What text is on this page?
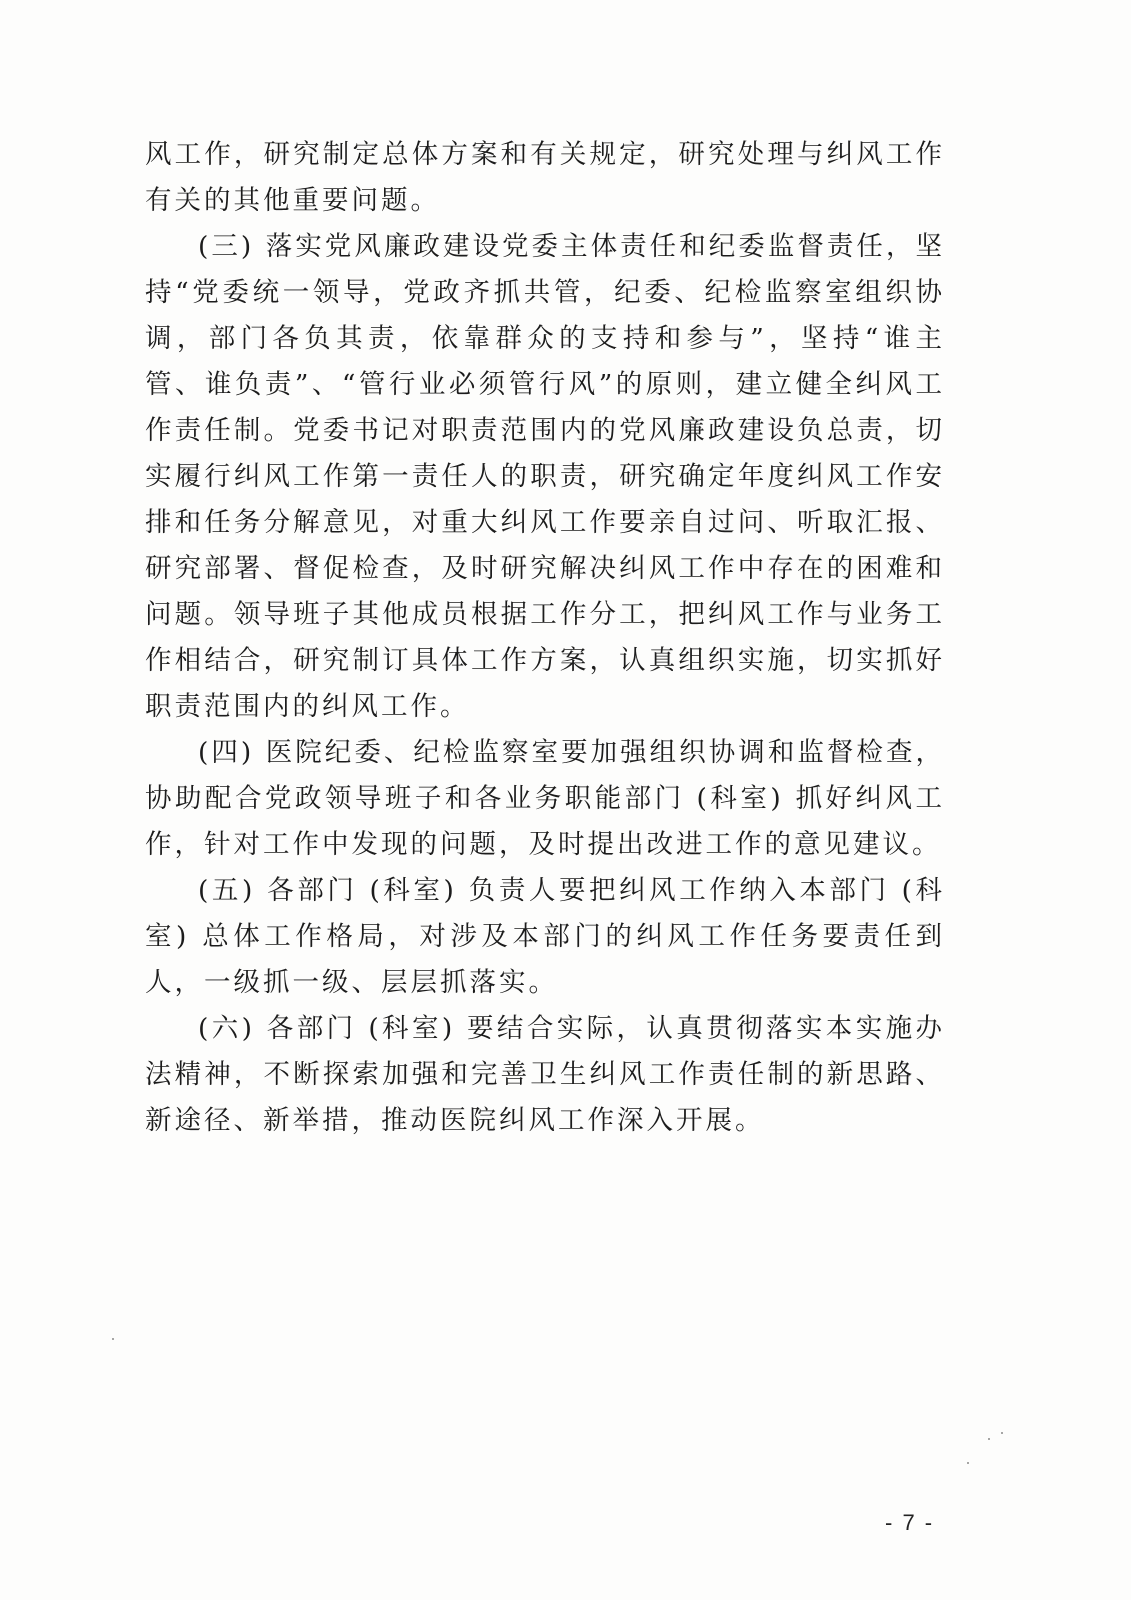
风工作，研究制定总体方案和有关规定，研究处理与纠风工作有关的其他重要问题。

(三) 落实党风廉政建设党委主体责任和纪委监督责任，坚持“党委统一领导，党政齐抓共管，纪委、纪检监察室组织协调，部门各负其责，依靠群众的支持和参与”，坚持“谁主管、谁负责”、“管行业必须管行风”的原则，建立健全纠风工作责任制。党委书记对职责范围内的党风廉政建设负总责，切实履行纠风工作第一责任人的职责，研究确定年度纠风工作安排和任务分解意见，对重大纠风工作要亲自过问、听取汇报、研究部署、督促检查，及时研究解决纠风工作中存在的困难和问题。领导班子其他成员根据工作分工，把纠风工作与业务工作相结合，研究制订具体工作方案，认真组织实施，切实抓好职责范围内的纠风工作。

(四) 医院纪委、纪检监察室要加强组织协调和监督检查，协助配合党政领导班子和各业务职能部门 (科室) 抓好纠风工作，针对工作中发现的问题，及时提出改进工作的意见建议。

(五) 各部门 (科室) 负责人要把纠风工作纳入本部门 (科室) 总体工作格局，对涉及本部门的纠风工作任务要责任到人，一级抓一级、层层抓落实。

(六) 各部门 (科室) 要结合实际，认真贯彻落实本实施办法精神，不断探索加强和完善卫生纠风工作责任制的新思路、新途径、新举措，推动医院纠风工作深入开展。

- 7 -
